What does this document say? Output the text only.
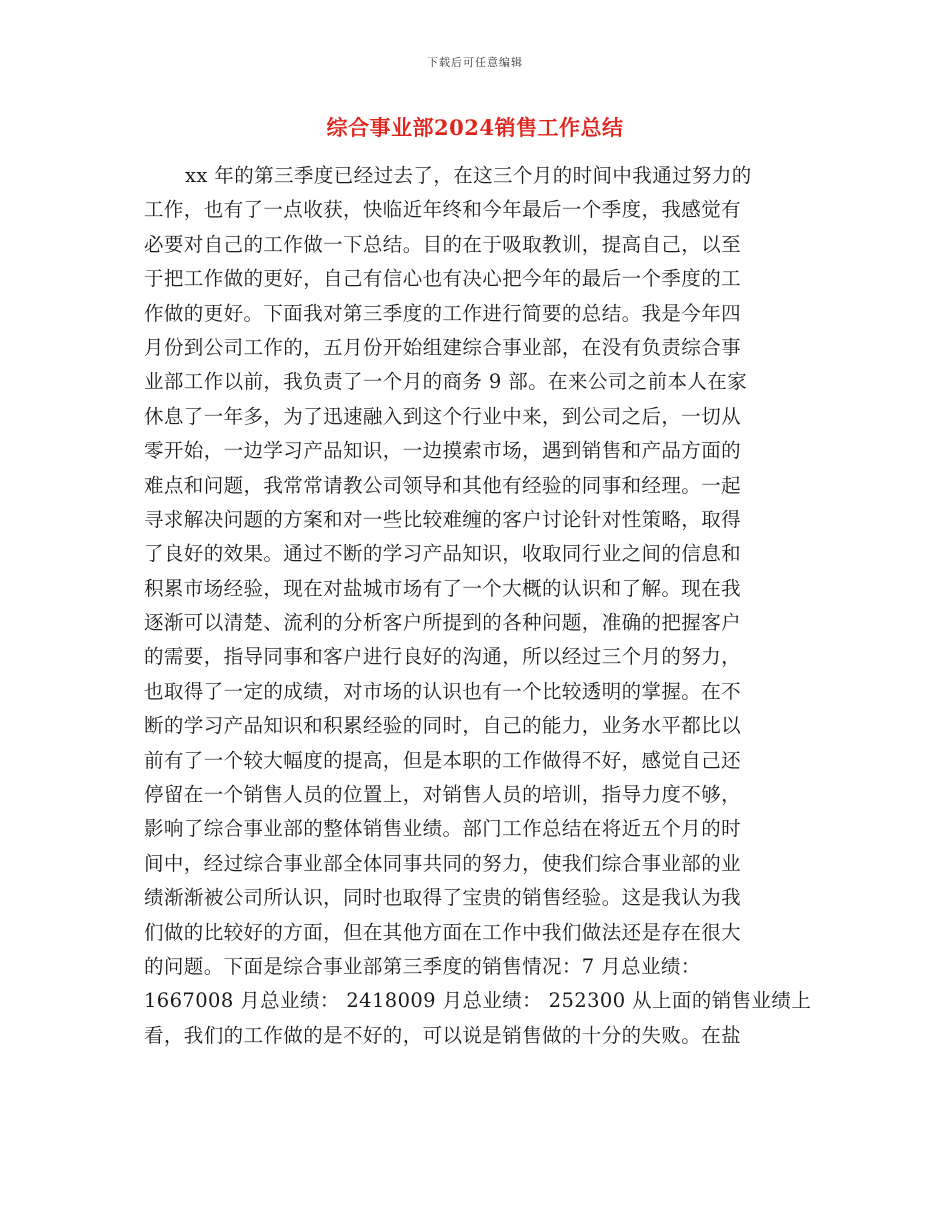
下载后可任意编辑
综合事业部2024销售工作总结
xx 年的第三季度已经过去了，在这三个月的时间中我通过努力的
工作，也有了一点收获，快临近年终和今年最后一个季度，我感觉有
必要对自己的工作做一下总结。目的在于吸取教训，提高自己，以至
于把工作做的更好，自己有信心也有决心把今年的最后一个季度的工
作做的更好。下面我对第三季度的工作进行简要的总结。我是今年四
月份到公司工作的，五月份开始组建综合事业部，在没有负责综合事
业部工作以前，我负责了一个月的商务 9 部。在来公司之前本人在家
休息了一年多，为了迅速融入到这个行业中来，到公司之后，一切从
零开始，一边学习产品知识，一边摸索市场，遇到销售和产品方面的
难点和问题，我常常请教公司领导和其他有经验的同事和经理。一起
寻求解决问题的方案和对一些比较难缠的客户讨论针对性策略，取得
了良好的效果。通过不断的学习产品知识，收取同行业之间的信息和
积累市场经验，现在对盐城市场有了一个大概的认识和了解。现在我
逐渐可以清楚、流利的分析客户所提到的各种问题，准确的把握客户
的需要，指导同事和客户进行良好的沟通，所以经过三个月的努力，
也取得了一定的成绩，对市场的认识也有一个比较透明的掌握。在不
断的学习产品知识和积累经验的同时，自己的能力，业务水平都比以
前有了一个较大幅度的提高，但是本职的工作做得不好，感觉自己还
停留在一个销售人员的位置上，对销售人员的培训，指导力度不够，
影响了综合事业部的整体销售业绩。部门工作总结在将近五个月的时
间中，经过综合事业部全体同事共同的努力，使我们综合事业部的业
绩渐渐被公司所认识，同时也取得了宝贵的销售经验。这是我认为我
们做的比较好的方面，但在其他方面在工作中我们做法还是存在很大
的问题。下面是综合事业部第三季度的销售情况：7 月总业绩：
1667008 月总业绩： 2418009 月总业绩： 252300 从上面的销售业绩上
看，我们的工作做的是不好的，可以说是销售做的十分的失败。在盐
